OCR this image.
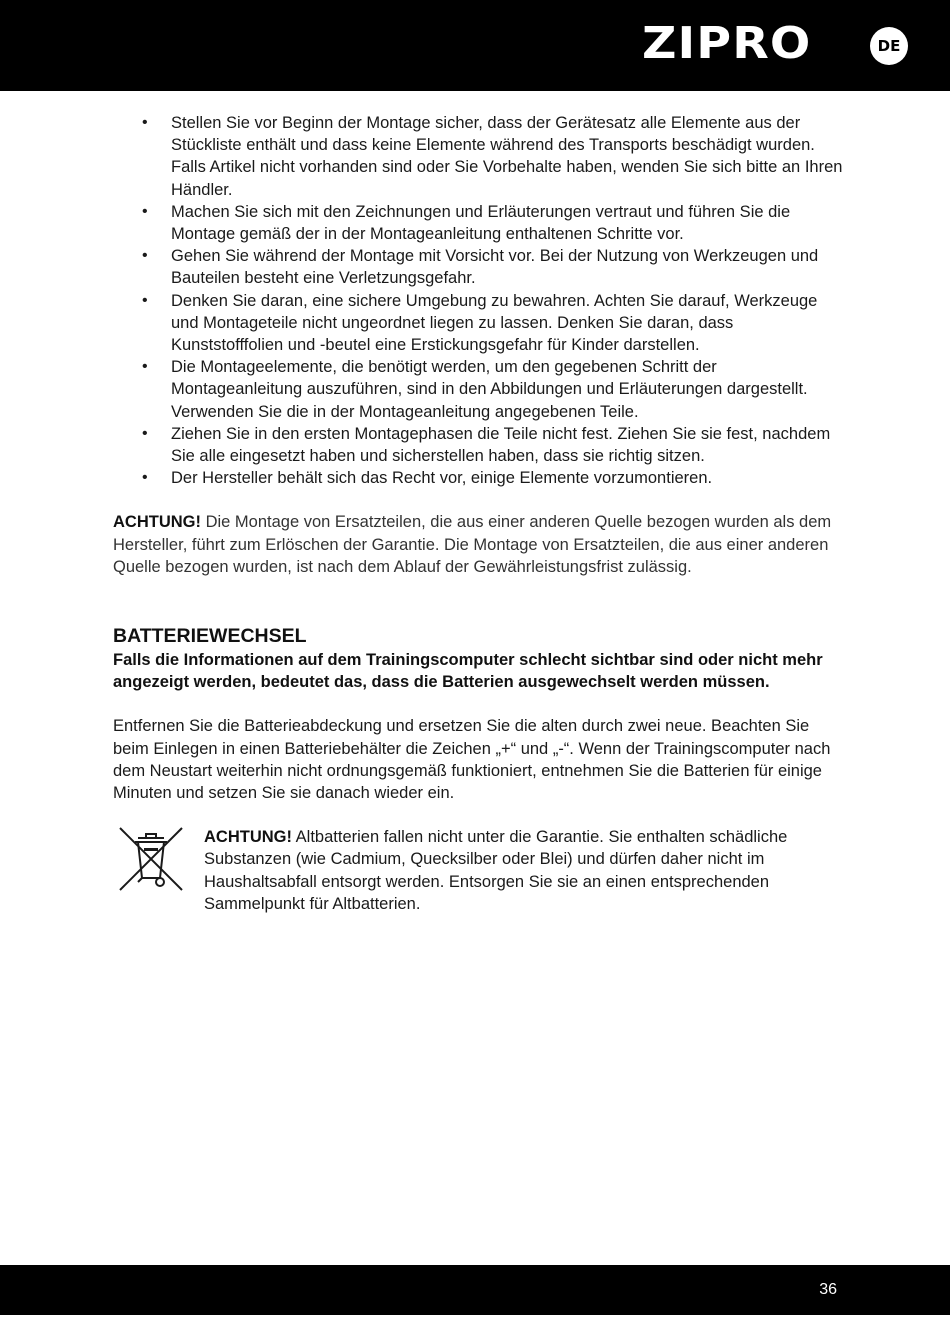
ZIPRO	DE
• Stellen Sie vor Beginn der Montage sicher, dass der Gerätesatz alle Elemente aus der Stückliste enthält und dass keine Elemente während des Transports beschädigt wurden. Falls Artikel nicht vorhanden sind oder Sie Vorbehalte haben, wenden Sie sich bitte an Ihren Händler.
• Machen Sie sich mit den Zeichnungen und Erläuterungen vertraut und führen Sie die Montage gemäß der in der Montageanleitung enthaltenen Schritte vor.
• Gehen Sie während der Montage mit Vorsicht vor. Bei der Nutzung von Werkzeugen und Bauteilen besteht eine Verletzungsgefahr.
• Denken Sie daran, eine sichere Umgebung zu bewahren. Achten Sie darauf, Werkzeuge und Montageteile nicht ungeordnet liegen zu lassen. Denken Sie daran, dass Kunststofffolien und -beutel eine Erstickungsgefahr für Kinder darstellen.
• Die Montageelemente, die benötigt werden, um den gegebenen Schritt der Montageanleitung auszuführen, sind in den Abbildungen und Erläuterungen dargestellt. Verwenden Sie die in der Montageanleitung angegebenen Teile.
• Ziehen Sie in den ersten Montagephasen die Teile nicht fest. Ziehen Sie sie fest, nachdem Sie alle eingesetzt haben und sicherstellen haben, dass sie richtig sitzen.
• Der Hersteller behält sich das Recht vor, einige Elemente vorzumontieren.

ACHTUNG! Die Montage von Ersatzteilen, die aus einer anderen Quelle bezogen wurden als dem Hersteller, führt zum Erlöschen der Garantie. Die Montage von Ersatzteilen, die aus einer anderen Quelle bezogen wurden, ist nach dem Ablauf der Gewährleistungsfrist zulässig.

BATTERIEWECHSEL
Falls die Informationen auf dem Trainingscomputer schlecht sichtbar sind oder nicht mehr angezeigt werden, bedeutet das, dass die Batterien ausgewechselt werden müssen.
Entfernen Sie die Batterieabdeckung und ersetzen Sie die alten durch zwei neue. Beachten Sie beim Einlegen in einen Batteriebehälter die Zeichen „+“ und „-“. Wenn der Trainingscomputer nach dem Neustart weiterhin nicht ordnungsgemäß funktioniert, entnehmen Sie die Batterien für einige Minuten und setzen Sie sie danach wieder ein.
ACHTUNG! Altbatterien fallen nicht unter die Garantie. Sie enthalten schädliche Substanzen (wie Cadmium, Quecksilber oder Blei) und dürfen daher nicht im Haushaltsabfall entsorgt werden. Entsorgen Sie sie an einen entsprechenden Sammelpunkt für Altbatterien.
36
